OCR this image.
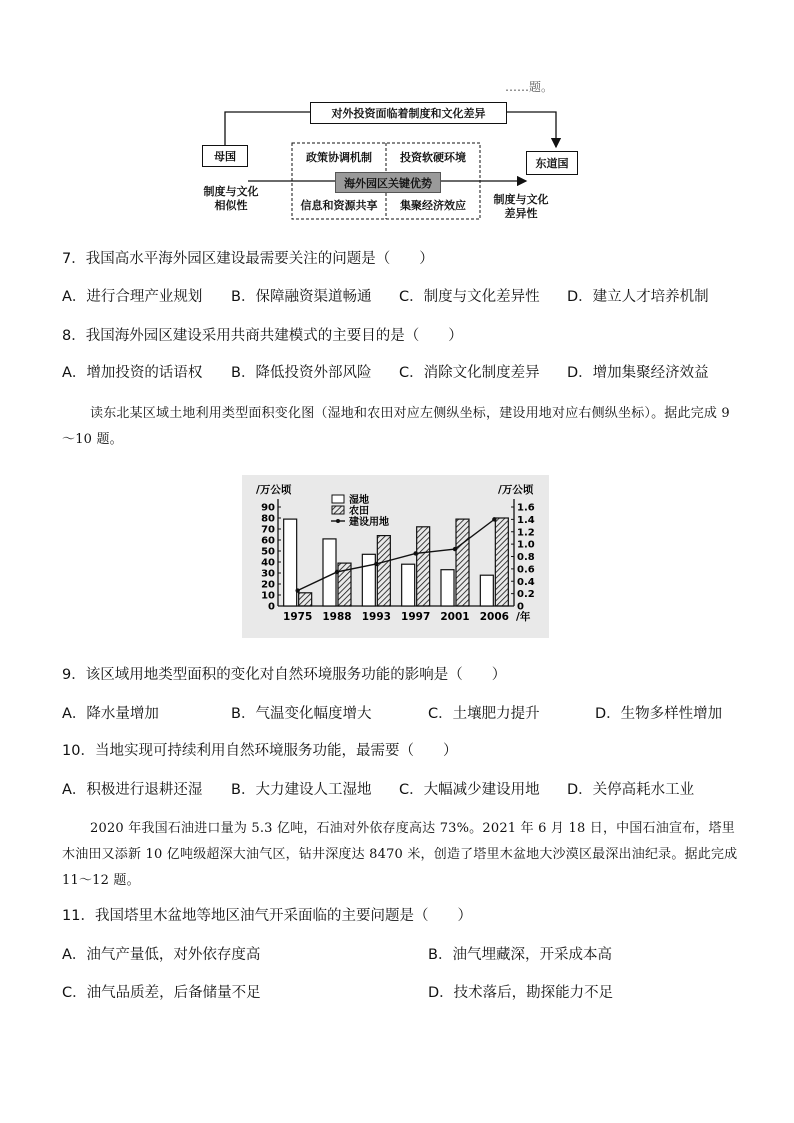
……题。
对外投资面临着制度和文化差异
母国
东道国
政策协调机制	投资软硬环境
信息和资源共享	集聚经济效应
海外园区关键优势
制度与文化
相似性	制度与文化
差异性
7．我国高水平海外园区建设最需要关注的问题是（　　）
A．进行合理产业规划 B．保障融资渠道畅通 C．制度与文化差异性 D．建立人才培养机制
8．我国海外园区建设采用共商共建模式的主要目的是（　　）
A．增加投资的话语权 B．降低投资外部风险 C．消除文化制度差异 D．增加集聚经济效益
读东北某区域土地利用类型面积变化图（湿地和农田对应左侧纵坐标，建设用地对应右侧纵坐标）。据此完成 9～10 题。
0
10
20
30
40
50
60
70
80
90
0
0.2
0.4
0.6
0.8
1.0
1.2
1.4
1.6
/万公顷	/万公顷
1975 1988 1993 1997 2001 2006 /年
湿地
农田
建设用地
9．该区域用地类型面积的变化对自然环境服务功能的影响是（　　）
A．降水量增加	B．气温变化幅度增大	C．土壤肥力提升	D．生物多样性增加
10．当地实现可持续利用自然环境服务功能，最需要（　　）
A．积极进行退耕还湿 B．大力建设人工湿地 C．大幅减少建设用地 D．关停高耗水工业
2020 年我国石油进口量为 5.3 亿吨，石油对外依存度高达 73%。2021 年 6 月 18 日，中国石油宣布，塔里木油田又添新 10 亿吨级超深大油气区，钻井深度达 8470 米，创造了塔里木盆地大沙漠区最深出油纪录。据此完成 11～12 题。
11．我国塔里木盆地等地区油气开采面临的主要问题是（　　）
A．油气产量低，对外依存度高	B．油气埋藏深，开采成本高
C．油气品质差，后备储量不足	D．技术落后，勘探能力不足
